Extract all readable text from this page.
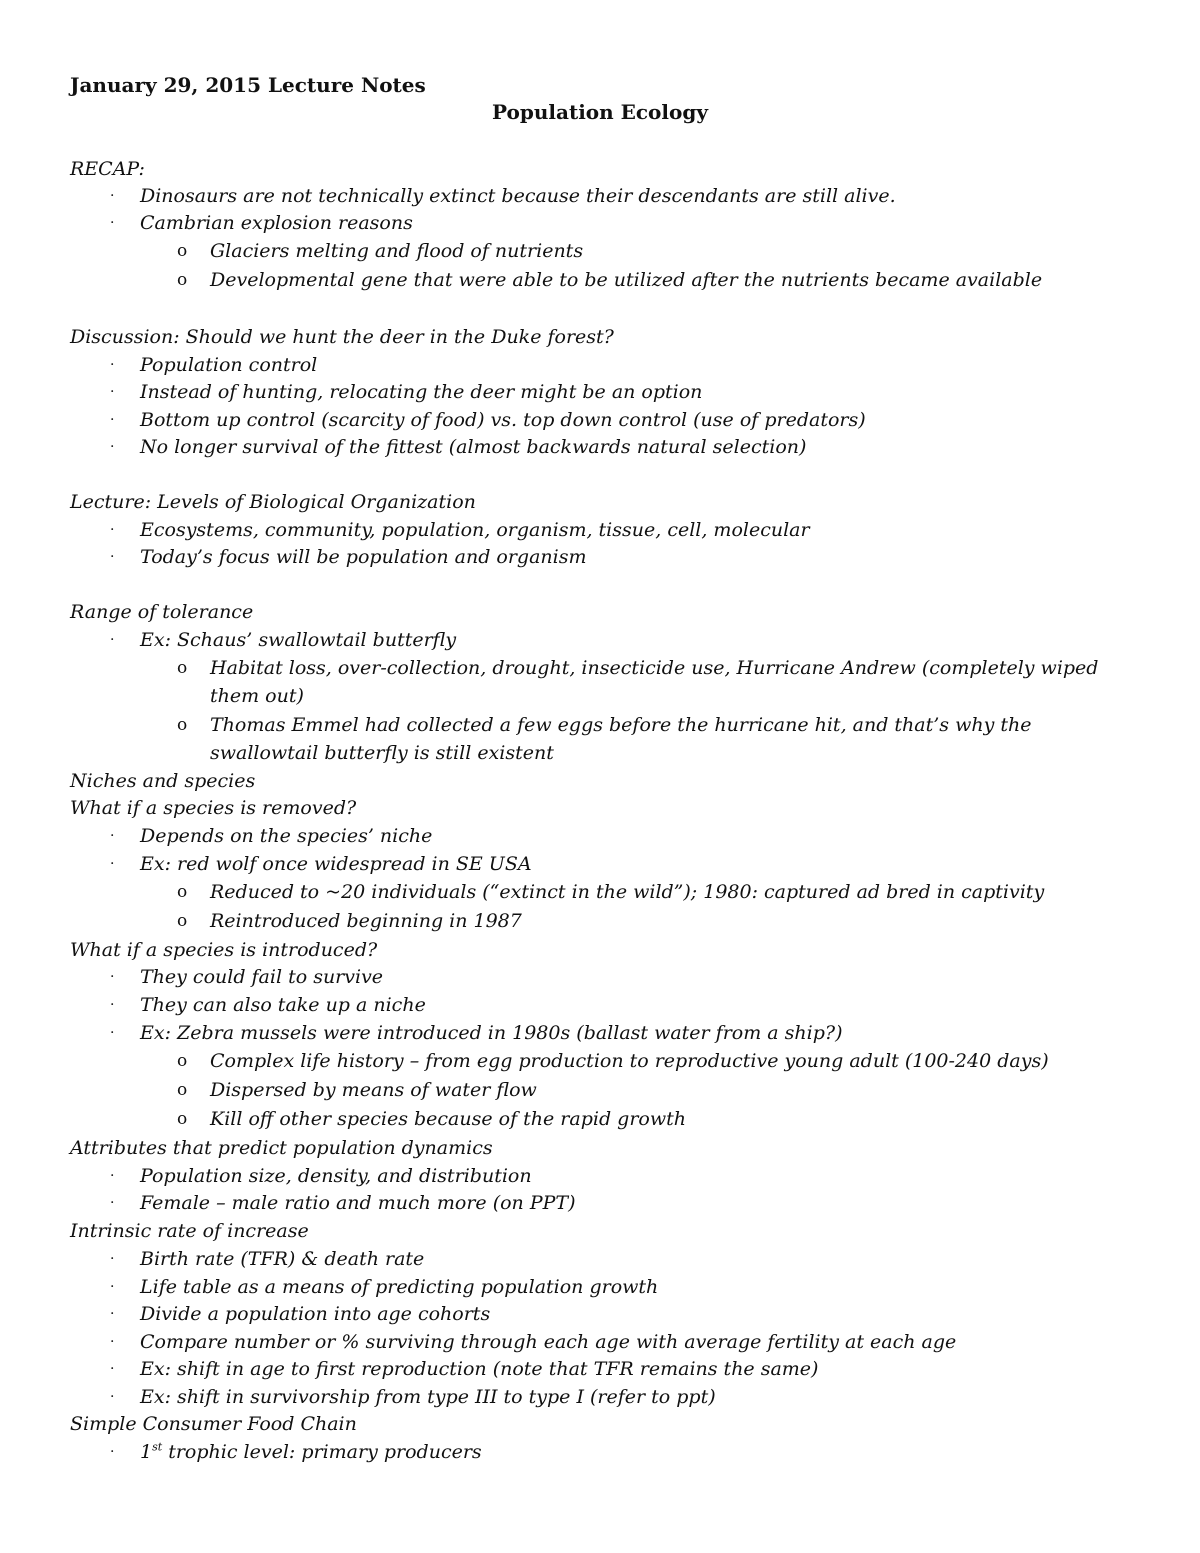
January 29, 2015 Lecture Notes
Population Ecology
RECAP:
· Dinosaurs are not technically extinct because their descendants are still alive.
· Cambrian explosion reasons
o Glaciers melting and flood of nutrients
o Developmental gene that were able to be utilized after the nutrients became available
Discussion: Should we hunt the deer in the Duke forest?
· Population control
· Instead of hunting, relocating the deer might be an option
· Bottom up control (scarcity of food) vs. top down control (use of predators)
· No longer survival of the fittest (almost backwards natural selection)
Lecture: Levels of Biological Organization
· Ecosystems, community, population, organism, tissue, cell, molecular
· Today’s focus will be population and organism
Range of tolerance
· Ex: Schaus’ swallowtail butterfly
o Habitat loss, over-collection, drought, insecticide use, Hurricane Andrew (completely wiped
them out)
o Thomas Emmel had collected a few eggs before the hurricane hit, and that’s why the
swallowtail butterfly is still existent
Niches and species
What if a species is removed?
· Depends on the species’ niche
· Ex: red wolf once widespread in SE USA
o Reduced to ~20 individuals (“extinct in the wild”); 1980: captured ad bred in captivity
o Reintroduced beginning in 1987
What if a species is introduced?
· They could fail to survive
· They can also take up a niche
· Ex: Zebra mussels were introduced in 1980s (ballast water from a ship?)
o Complex life history – from egg production to reproductive young adult (100-240 days)
o Dispersed by means of water flow
o Kill off other species because of the rapid growth
Attributes that predict population dynamics
· Population size, density, and distribution
· Female – male ratio and much more (on PPT)
Intrinsic rate of increase
· Birth rate (TFR) & death rate
· Life table as a means of predicting population growth
· Divide a population into age cohorts
· Compare number or % surviving through each age with average fertility at each age
· Ex: shift in age to first reproduction (note that TFR remains the same)
· Ex: shift in survivorship from type III to type I (refer to ppt)
Simple Consumer Food Chain
· 1st trophic level: primary producers
